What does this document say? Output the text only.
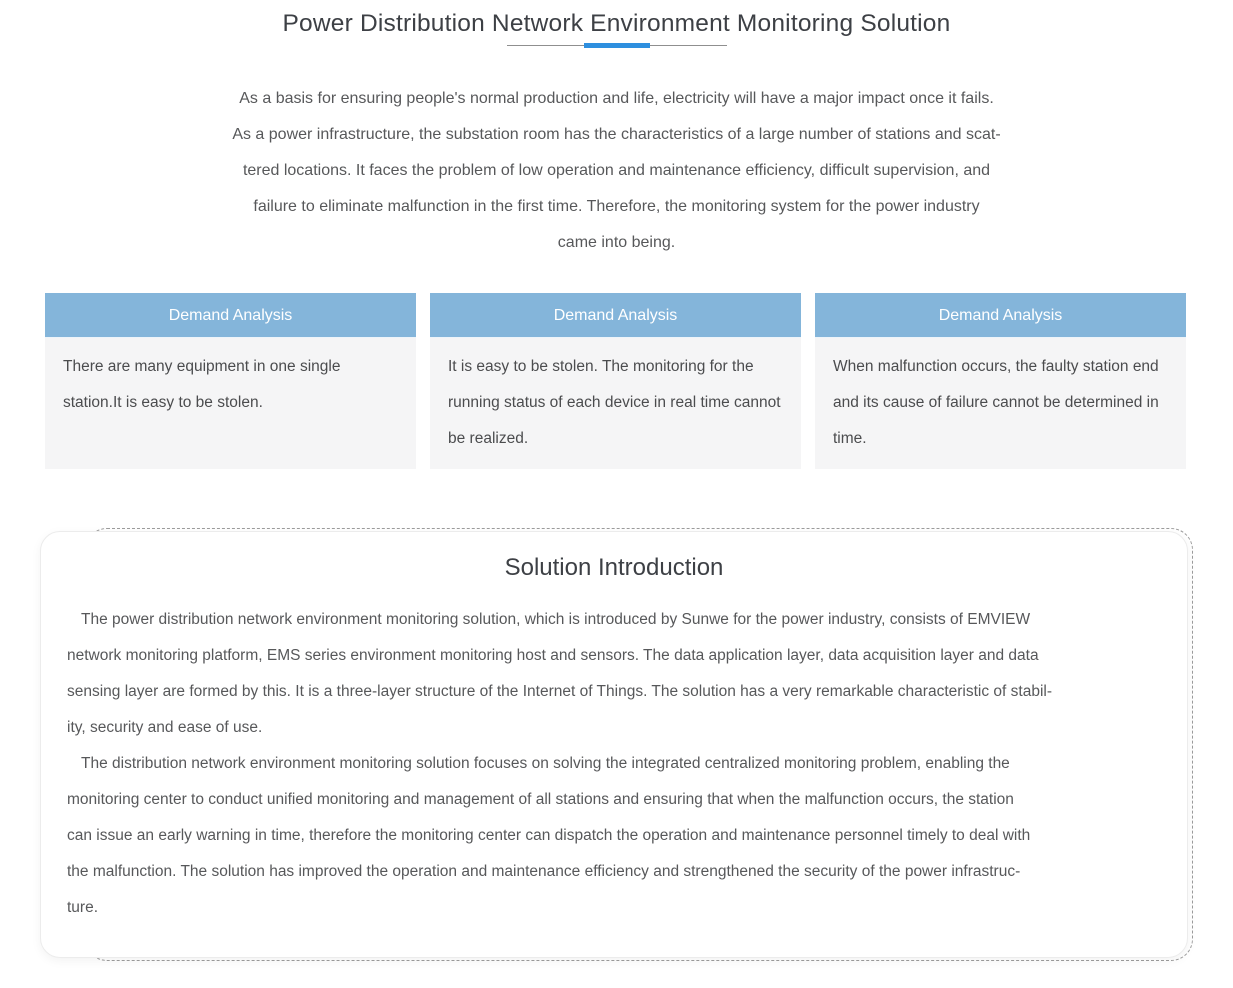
Power Distribution Network Environment Monitoring Solution
As a basis for ensuring people's normal production and life, electricity will have a major impact once it fails.
As a power infrastructure, the substation room has the characteristics of a large number of stations and scat-
tered locations. It faces the problem of low operation and maintenance efficiency, difficult supervision, and
failure to eliminate malfunction in the first time. Therefore, the monitoring system for the power industry
came into being.
Demand Analysis
There are many equipment in one single station.It is easy to be stolen.
Demand Analysis
It is easy to be stolen. The monitoring for the running status of each device in real time cannot be realized.
Demand Analysis
When malfunction occurs, the faulty station end and its cause of failure cannot be determined in time.
Solution Introduction
The power distribution network environment monitoring solution, which is introduced by Sunwe for the power industry, consists of EMVIEW
network monitoring platform, EMS series environment monitoring host and sensors. The data application layer, data acquisition layer and data
sensing layer are formed by this. It is a three-layer structure of the Internet of Things. The solution has a very remarkable characteristic of stabil-
ity, security and ease of use.
The distribution network environment monitoring solution focuses on solving the integrated centralized monitoring problem, enabling the
monitoring center to conduct unified monitoring and management of all stations and ensuring that when the malfunction occurs, the station
can issue an early warning in time, therefore the monitoring center can dispatch the operation and maintenance personnel timely to deal with
the malfunction. The solution has improved the operation and maintenance efficiency and strengthened the security of the power infrastruc-
ture.
